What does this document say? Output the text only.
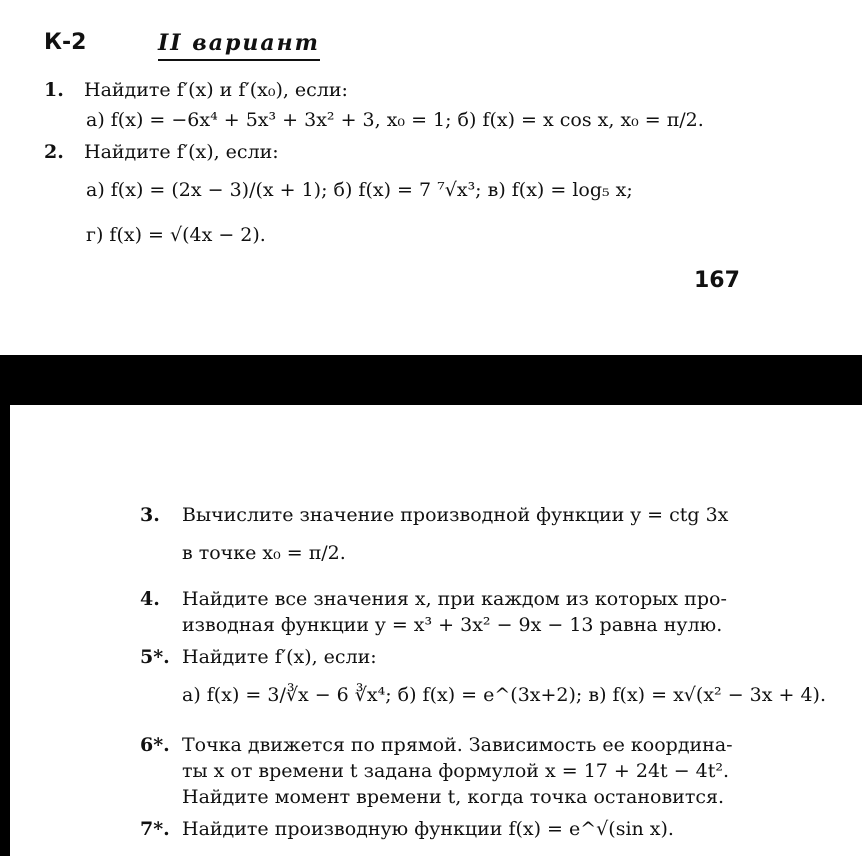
К-2	II вариант
1. Найдите f′(x) и f′(x₀), если:
а) f(x) = −6x⁴ + 5x³ + 3x² + 3, x₀ = 1; б) f(x) = x cos x, x₀ = π/2.
2. Найдите f′(x), если:
а) f(x) = (2x − 3)/(x + 1); б) f(x) = 7 ⁷√x³; в) f(x) = log₅ x;
г) f(x) = √(4x − 2).
167
3. Вычислите значение производной функции y = ctg 3x
в точке x₀ = π/2.
4. Найдите все значения x, при каждом из которых про-
изводная функции y = x³ + 3x² − 9x − 13 равна нулю.
5*. Найдите f′(x), если:
а) f(x) = 3/∛x − 6 ∛x⁴; б) f(x) = e^(3x+2); в) f(x) = x√(x² − 3x + 4).
6*. Точка движется по прямой. Зависимость ее координа-
ты x от времени t задана формулой x = 17 + 24t − 4t².
Найдите момент времени t, когда точка остановится.
7*. Найдите производную функции f(x) = e^√(sin x).
